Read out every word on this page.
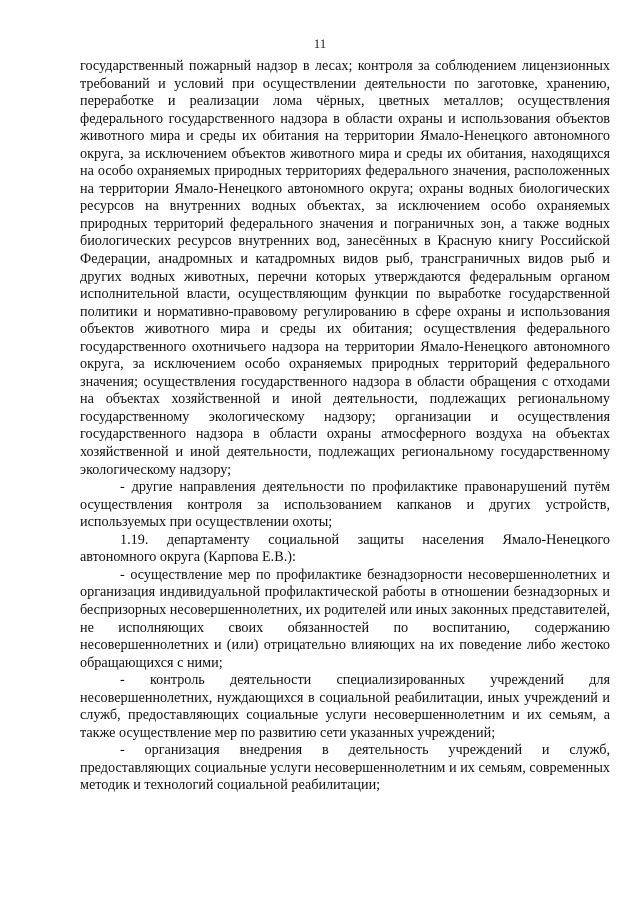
11

государственный пожарный надзор в лесах; контроля за соблюдением лицензионных требований и условий при осуществлении деятельности по заготовке, хранению, переработке и реализации лома чёрных, цветных металлов; осуществления федерального государственного надзора в области охраны и использования объектов животного мира и среды их обитания на территории Ямало-Ненецкого автономного округа, за исключением объектов животного мира и среды их обитания, находящихся на особо охраняемых природных территориях федерального значения, расположенных на территории Ямало-Ненецкого автономного округа; охраны водных биологических ресурсов на внутренних водных объектах, за исключением особо охраняемых природных территорий федерального значения и пограничных зон, а также водных биологических ресурсов внутренних вод, занесённых в Красную книгу Российской Федерации, анадромных и катадромных видов рыб, трансграничных видов рыб и других водных животных, перечни которых утверждаются федеральным органом исполнительной власти, осуществляющим функции по выработке государственной политики и нормативно-правовому регулированию в сфере охраны и использования объектов животного мира и среды их обитания; осуществления федерального государственного охотничьего надзора на территории Ямало-Ненецкого автономного округа, за исключением особо охраняемых природных территорий федерального значения; осуществления государственного надзора в области обращения с отходами на объектах хозяйственной и иной деятельности, подлежащих региональному государственному экологическому надзору; организации и осуществления государственного надзора в области охраны атмосферного воздуха на объектах хозяйственной и иной деятельности, подлежащих региональному государственному экологическому надзору;

- другие направления деятельности по профилактике правонарушений путём осуществления контроля за использованием капканов и других устройств, используемых при осуществлении охоты;

1.19. департаменту социальной защиты населения Ямало-Ненецкого автономного округа (Карпова Е.В.):

- осуществление мер по профилактике безнадзорности несовершеннолетних и организация индивидуальной профилактической работы в отношении безнадзорных и беспризорных несовершеннолетних, их родителей или иных законных представителей, не исполняющих своих обязанностей по воспитанию, содержанию несовершеннолетних и (или) отрицательно влияющих на их поведение либо жестоко обращающихся с ними;

- контроль деятельности специализированных учреждений для несовершеннолетних, нуждающихся в социальной реабилитации, иных учреждений и служб, предоставляющих социальные услуги несовершеннолетним и их семьям, а также осуществление мер по развитию сети указанных учреждений;

- организация внедрения в деятельность учреждений и служб, предоставляющих социальные услуги несовершеннолетним и их семьям, современных методик и технологий социальной реабилитации;
